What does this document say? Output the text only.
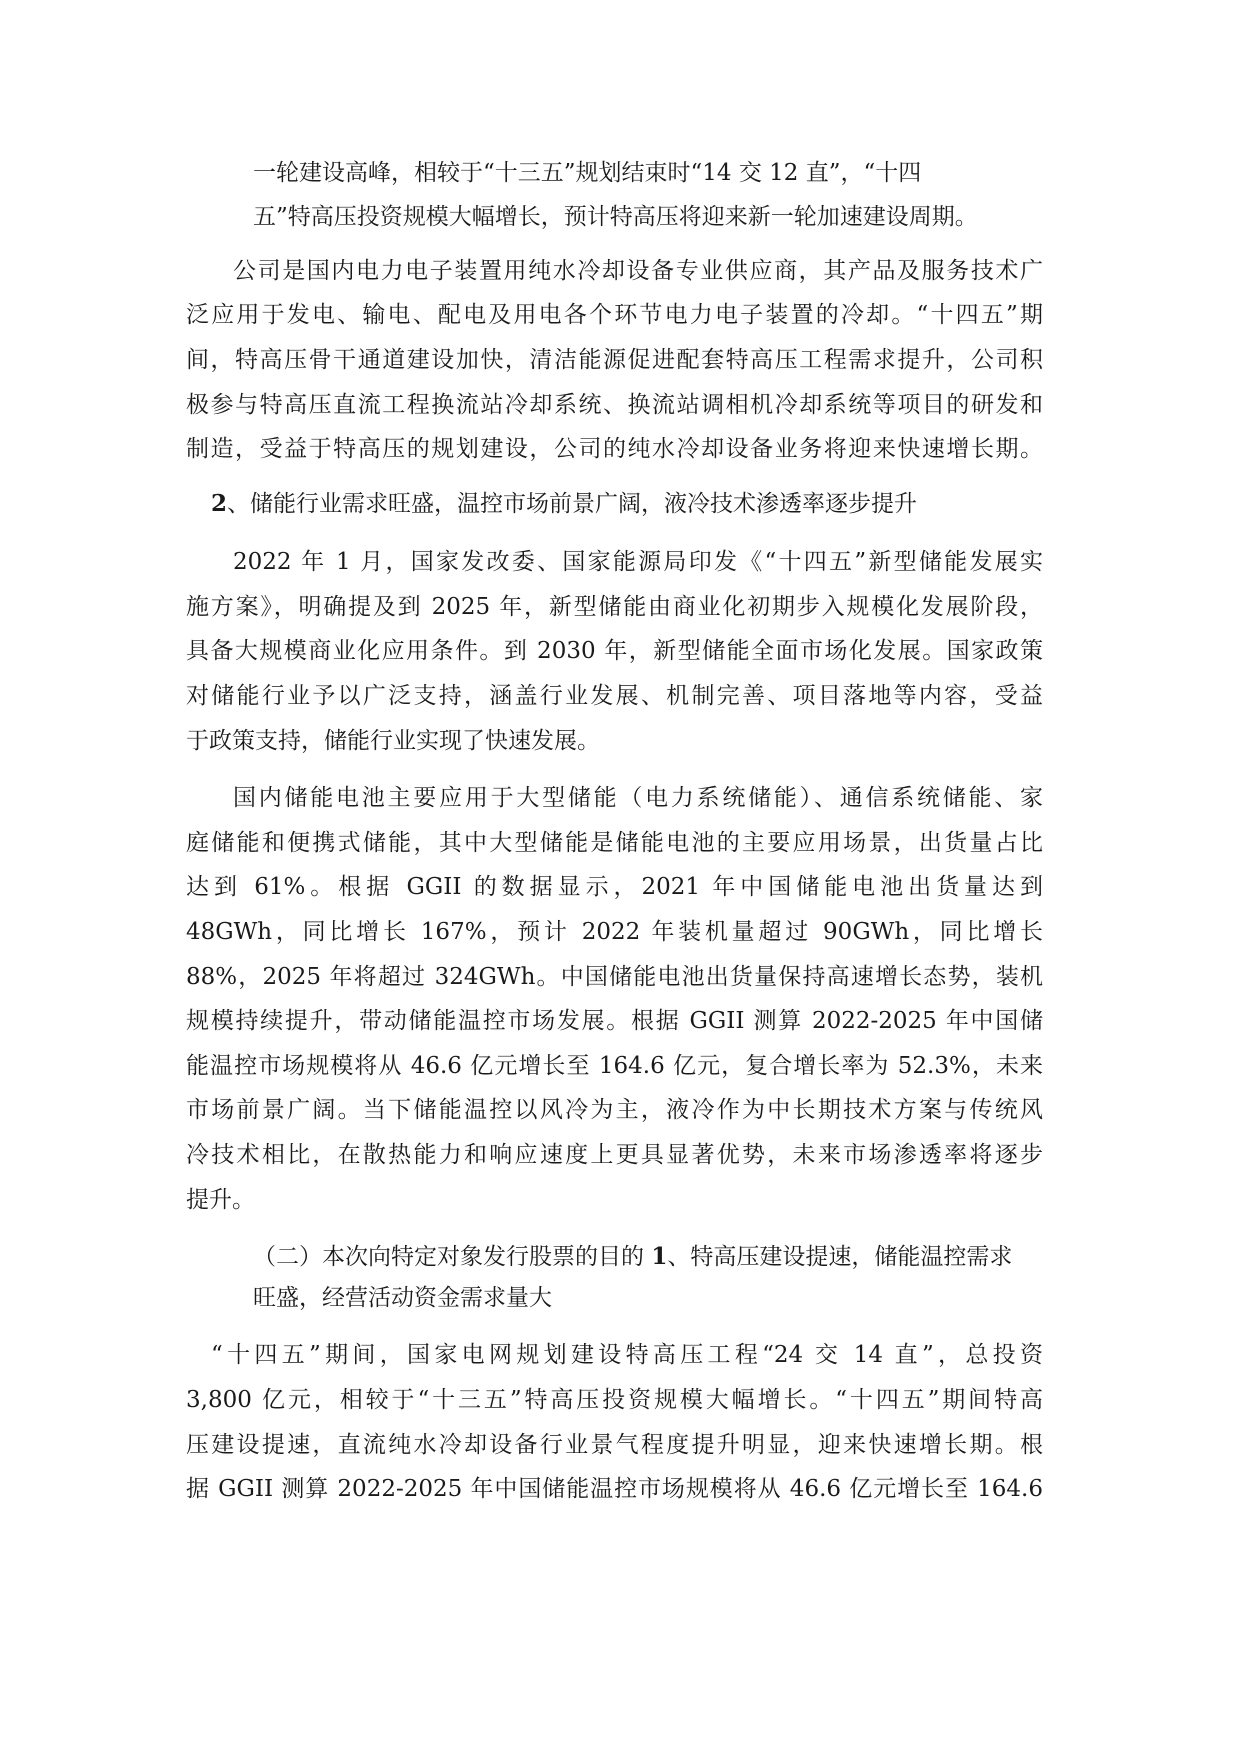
一轮建设高峰，相较于“十三五”规划结束时“14 交 12 直”，“十四

五”特高压投资规模大幅增长，预计特高压将迎来新一轮加速建设周期。

公司是国内电力电子装置用纯水冷却设备专业供应商，其产品及服务技术广

泛应用于发电、输电、配电及用电各个环节电力电子装置的冷却。“十四五”期

间，特高压骨干通道建设加快，清洁能源促进配套特高压工程需求提升，公司积

极参与特高压直流工程换流站冷却系统、换流站调相机冷却系统等项目的研发和

制造，受益于特高压的规划建设，公司的纯水冷却设备业务将迎来快速增长期。

2、储能行业需求旺盛，温控市场前景广阔，液冷技术渗透率逐步提升

2022 年 1 月，国家发改委、国家能源局印发《“十四五”新型储能发展实

施方案》，明确提及到 2025 年，新型储能由商业化初期步入规模化发展阶段，

具备大规模商业化应用条件。到 2030 年，新型储能全面市场化发展。国家政策

对储能行业予以广泛支持，涵盖行业发展、机制完善、项目落地等内容，受益

于政策支持，储能行业实现了快速发展。

国内储能电池主要应用于大型储能（电力系统储能）、通信系统储能、家

庭储能和便携式储能，其中大型储能是储能电池的主要应用场景，出货量占比

达到 61%。根据 GGII 的数据显示，2021 年中国储能电池出货量达到

48GWh，同比增长 167%，预计 2022 年装机量超过 90GWh，同比增长

88%，2025 年将超过 324GWh。中国储能电池出货量保持高速增长态势，装机

规模持续提升，带动储能温控市场发展。根据 GGII 测算 2022-2025 年中国储

能温控市场规模将从 46.6 亿元增长至 164.6 亿元，复合增长率为 52.3%，未来

市场前景广阔。当下储能温控以风冷为主，液冷作为中长期技术方案与传统风

冷技术相比，在散热能力和响应速度上更具显著优势，未来市场渗透率将逐步

提升。

（二）本次向特定对象发行股票的目的 1、特高压建设提速，储能温控需求

旺盛，经营活动资金需求量大

“十四五”期间，国家电网规划建设特高压工程“24 交 14 直”，总投资

3,800 亿元，相较于“十三五”特高压投资规模大幅增长。“十四五”期间特高

压建设提速，直流纯水冷却设备行业景气程度提升明显，迎来快速增长期。根

据 GGII 测算 2022-2025 年中国储能温控市场规模将从 46.6 亿元增长至 164.6
